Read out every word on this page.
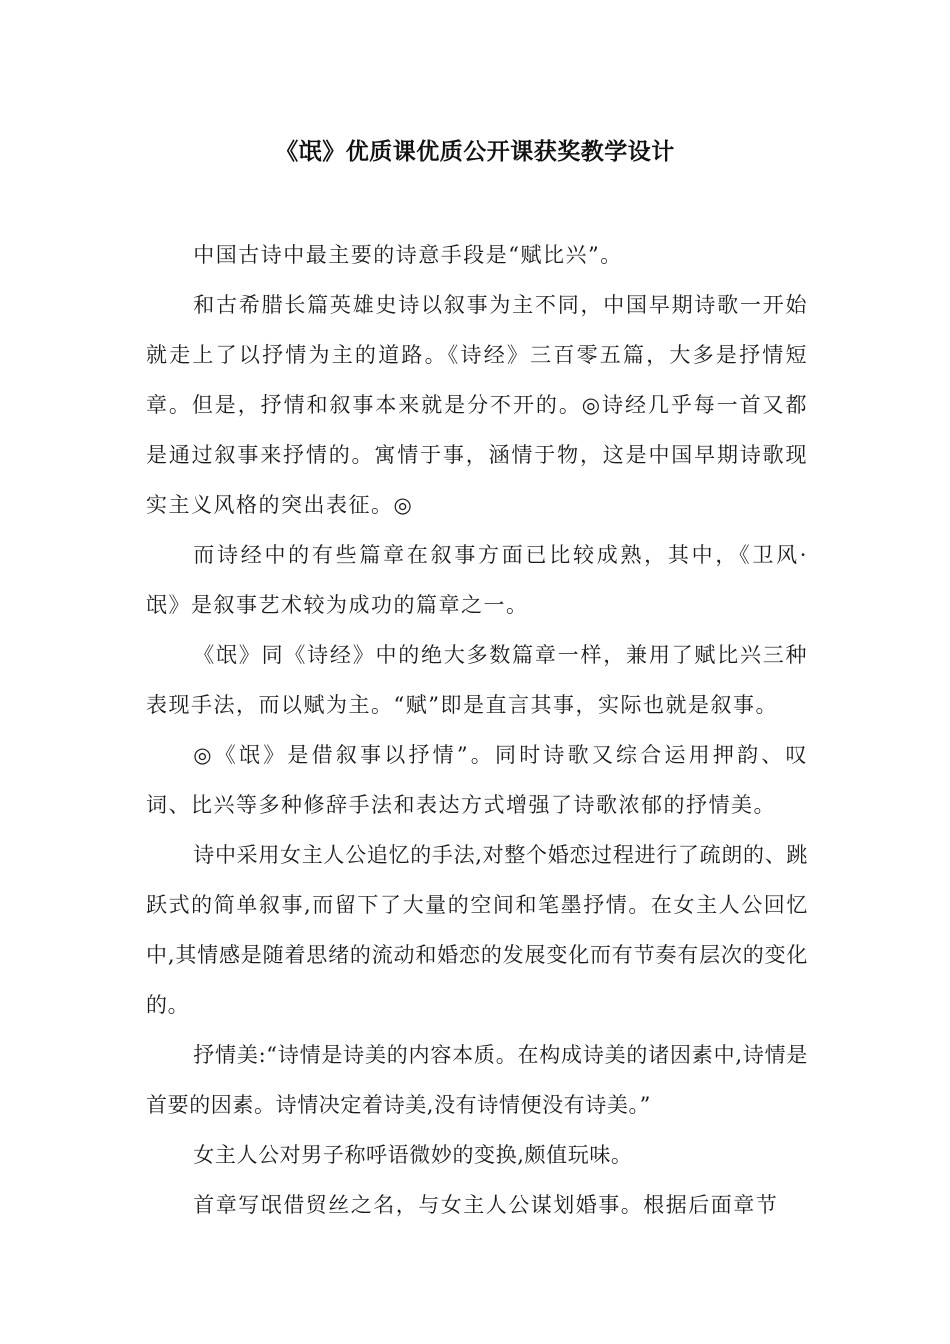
《氓》优质课优质公开课获奖教学设计

中国古诗中最主要的诗意手段是“赋比兴”。

和古希腊长篇英雄史诗以叙事为主不同，中国早期诗歌一开始就走上了以抒情为主的道路。《诗经》三百零五篇，大多是抒情短章。但是，抒情和叙事本来就是分不开的。◎诗经几乎每一首又都是通过叙事来抒情的。寓情于事，涵情于物，这是中国早期诗歌现实主义风格的突出表征。◎

而诗经中的有些篇章在叙事方面已比较成熟，其中，《卫风·氓》是叙事艺术较为成功的篇章之一。

《氓》同《诗经》中的绝大多数篇章一样，兼用了赋比兴三种表现手法，而以赋为主。“赋”即是直言其事，实际也就是叙事。

◎《氓》是借叙事以抒情”。同时诗歌又综合运用押韵、叹词、比兴等多种修辞手法和表达方式增强了诗歌浓郁的抒情美。

诗中采用女主人公追忆的手法,对整个婚恋过程进行了疏朗的、跳跃式的简单叙事,而留下了大量的空间和笔墨抒情。在女主人公回忆中,其情感是随着思绪的流动和婚恋的发展变化而有节奏有层次的变化的。

抒情美:“诗情是诗美的内容本质。在构成诗美的诸因素中,诗情是首要的因素。诗情决定着诗美,没有诗情便没有诗美。”

女主人公对男子称呼语微妙的变换,颇值玩味。

首章写氓借贸丝之名，与女主人公谋划婚事。根据后面章节
